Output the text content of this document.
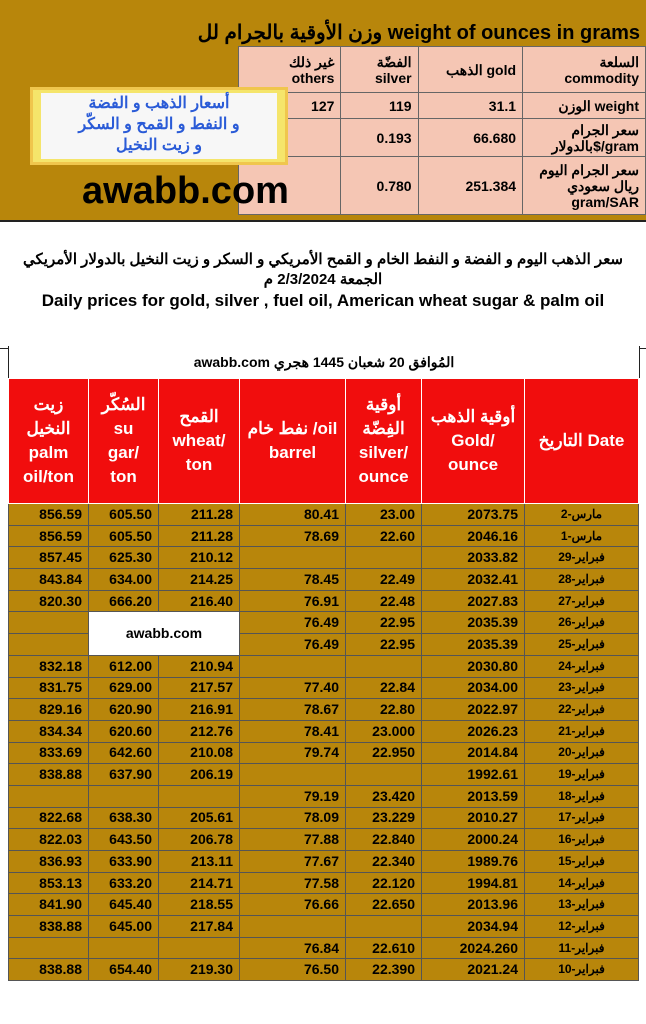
وزن الأوقية بالجرام لل weight of ounces in grams
غير ذلك others	الفضّة silver	الذهب gold	السلعة commodity
127	119	31.1	الوزن weight
	0.193	66.680	سعر الجرام بالدولار$/gram
	0.780	251.384	سعر الجرام اليوم ريال سعودي gram/SAR
أسعار الذهب و الفضة
و النفط و القمح و السكّر
و زيت النخيل
awabb.com
سعر الذهب اليوم و الفضة و النفط الخام و القمح الأمريكي و السكر و زيت النخيل بالدولار الأمريكي الجمعة 2/3/2024 م
Daily prices for gold, silver , fuel oil, American wheat sugar & palm oil
awabb.com المُوافق 20 شعبان 1445 هجري
زيت
النخيل
palm
oil/ton	السُكّر su
gar/
ton	القمح
wheat/
ton	نفط خام /oil
barrel	أوقية
الفِضّة
silver/
ounce	أوقية الذهب
Gold/
ounce	التاريخ Date
856.59	605.50	211.28	80.41	23.00	2073.75	2-مارس
856.59	605.50	211.28	78.69	22.60	2046.16	1-مارس
857.45	625.30	210.12			2033.82	29-فبراير
843.84	634.00	214.25	78.45	22.49	2032.41	28-فبراير
820.30	666.20	216.40	76.91	22.48	2027.83	27-فبراير
	awabb.com		76.49	22.95	2035.39	26-فبراير
			76.49	22.95	2035.39	25-فبراير
832.18	612.00	210.94			2030.80	24-فبراير
831.75	629.00	217.57	77.40	22.84	2034.00	23-فبراير
829.16	620.90	216.91	78.67	22.80	2022.97	22-فبراير
834.34	620.60	212.76	78.41	23.000	2026.23	21-فبراير
833.69	642.60	210.08	79.74	22.950	2014.84	20-فبراير
838.88	637.90	206.19			1992.61	19-فبراير
			79.19	23.420	2013.59	18-فبراير
822.68	638.30	205.61	78.09	23.229	2010.27	17-فبراير
822.03	643.50	206.78	77.88	22.840	2000.24	16-فبراير
836.93	633.90	213.11	77.67	22.340	1989.76	15-فبراير
853.13	633.20	214.71	77.58	22.120	1994.81	14-فبراير
841.90	645.40	218.55	76.66	22.650	2013.96	13-فبراير
838.88	645.00	217.84			2034.94	12-فبراير
			76.84	22.610	2024.260	11-فبراير
838.88	654.40	219.30	76.50	22.390	2021.24	10-فبراير
